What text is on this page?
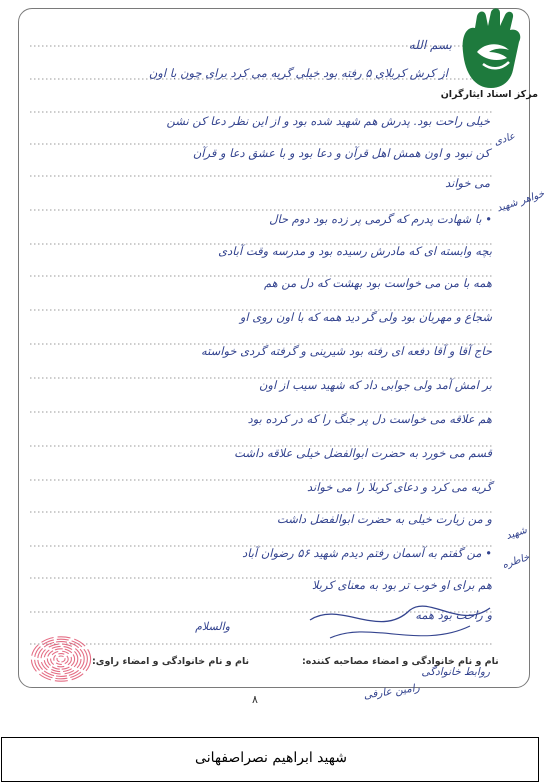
مرکز اسناد ایثارگران
بسم الله
از کرش کربلای ۵ رفته بود خیلی گریه می کرد برای چون با اون
خیلی راحت بود. پدرش هم شهید شده بود و از این نظر دعا کن نشن
کن نبود و اون همش اهل قرآن و دعا بود و با عشق دعا و قرآن
می خواند
• با شهادت پدرم که گرمی پر زده بود دوم حال
بچه وابسته ای که مادرش رسیده بود و مدرسه وقت آبادی
همه با من می خواست بود بهشت که دل من هم
شجاع و مهربان بود ولی گر دید همه که با اون روی او
حاج آقا و آقا دفعه ای رفته بود شیرینی و گرفته گردی خواسته
بر امش آمد ولی جوابی داد که شهید سیب از اون
هم علاقه می خواست دل پر جنگ را که در کرده بود
قسم می خورد به حضرت ابوالفضل خیلی علاقه داشت
گریه می کرد و دعای کربلا را می خواند
و من زیارت خیلی به حضرت ابوالفضل داشت
• من گفتم به آسمان رفتم دیدم شهید ۵۶ رضوان آباد
هم برای او خوب تر بود به معنای کربلا
و راحت بود همه
والسلام
عادی
خواهر شهید
شهید
خاطره
نام و نام خانوادگی و امضاء مصاحبه کننده:
نام و نام خانوادگی و امضاء راوی:
روابط خانوادگی
رامین عارفی
۸
شهید ابراهیم نصراصفهانی
